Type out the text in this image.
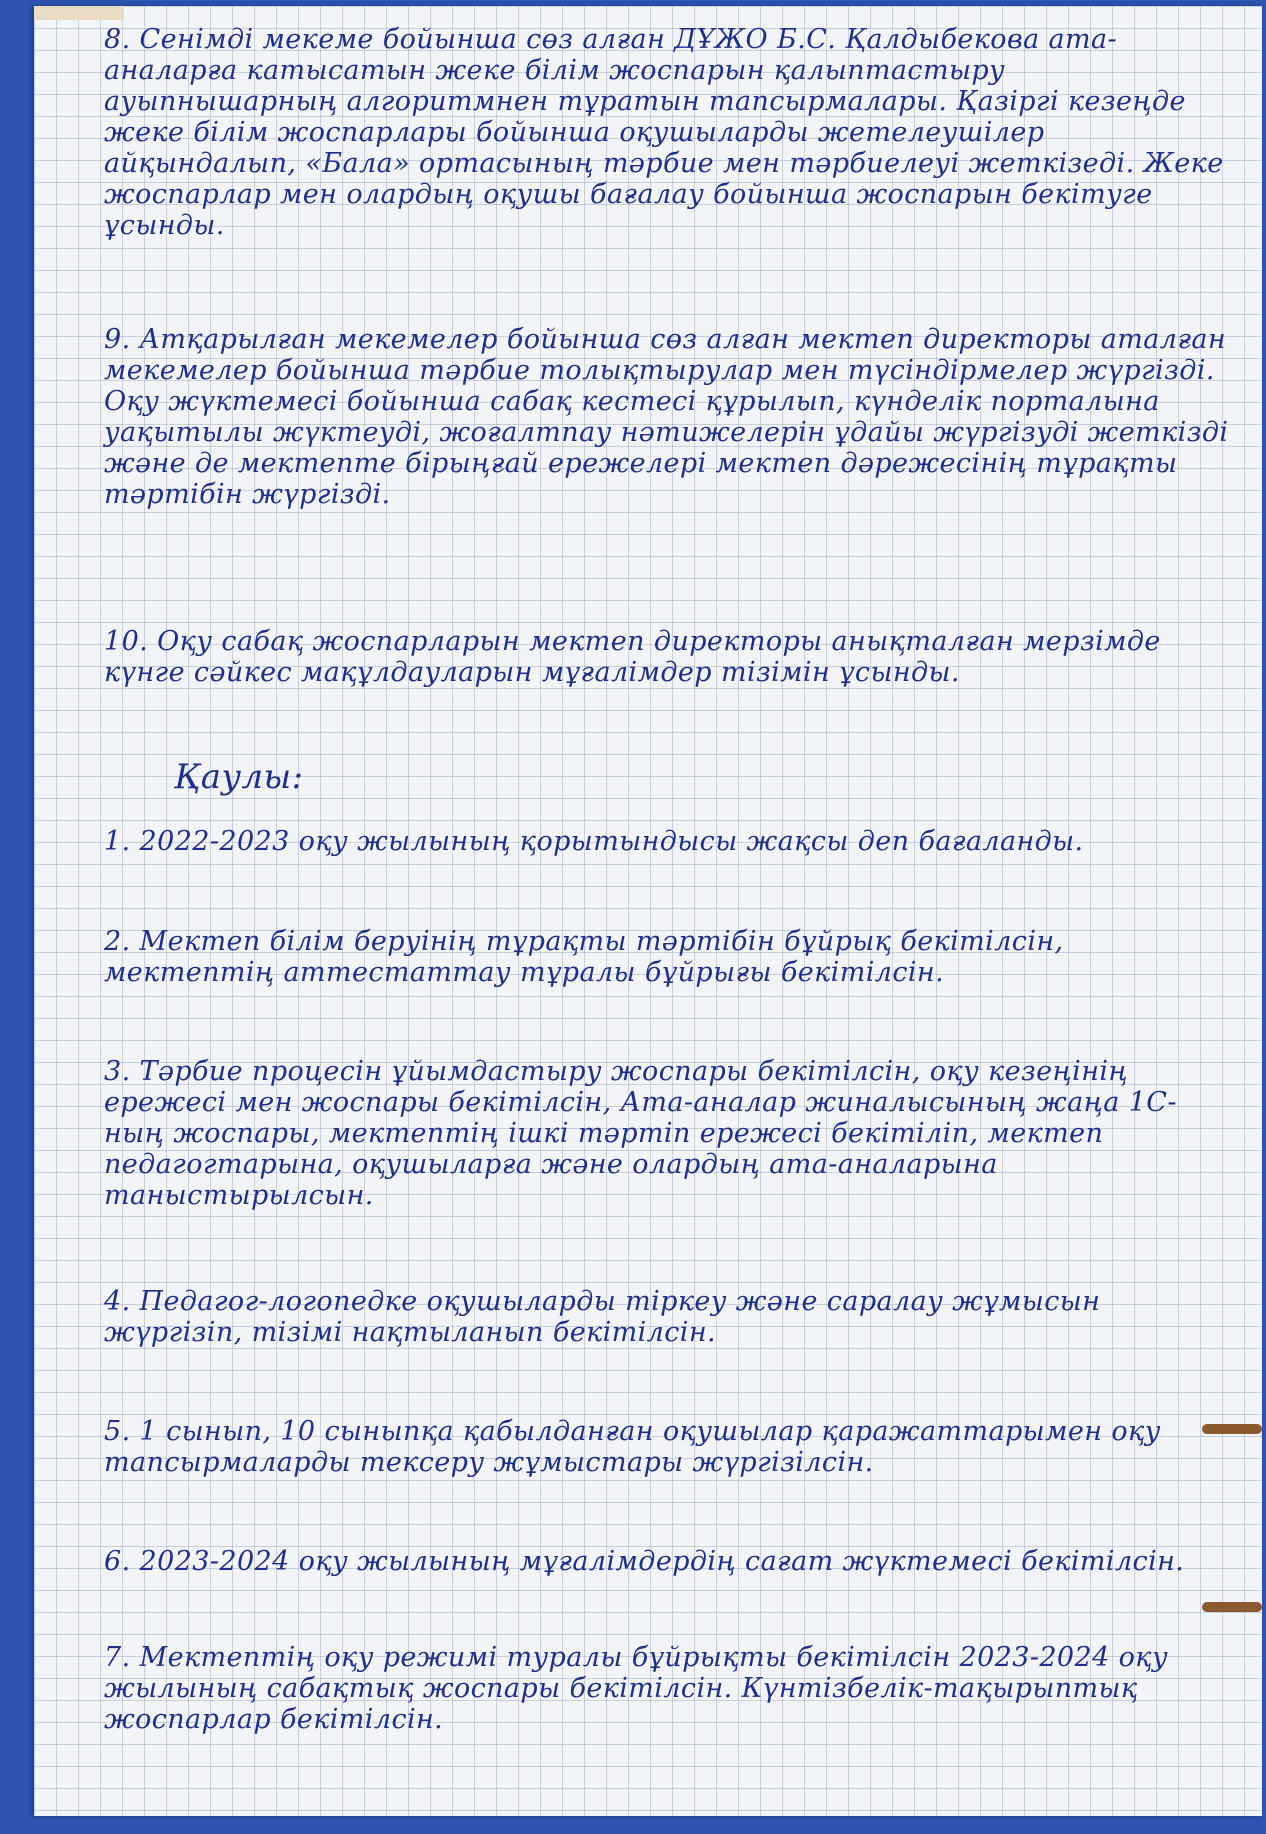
8. Сенімді мекеме бойынша сөз алған ДҰЖО Б.С. Қалдыбекова ата-аналарға катысатын жеке білім жоспарын қалыптастыру ауыпнышарның алгоритмнен тұратын тапсырмалары. Қазіргі кезеңде жеке білім жоспарлары бойынша оқушыларды жетелеушілер айқындалып, «Бала» ортасының тәрбие мен тәрбиелеуі жеткізеді. Жеке жоспарлар мен олардың оқушы бағалау бойынша жоспарын бекітуге ұсынды.
9. Атқарылған мекемелер бойынша сөз алған мектеп директоры аталған мекемелер бойынша тәрбие толықтырулар мен түсіндірмелер жүргізді. Оқу жүктемесі бойынша сабақ кестесі құрылып, күнделік порталына уақытылы жүктеуді, жоғалтпау нәтижелерін ұдайы жүргізуді жеткізді және де мектепте бірыңғай ережелері мектеп дәрежесінің тұрақты тәртібін жүргізді.
10. Оқу сабақ жоспарларын мектеп директоры анықталған мерзімде күнге сәйкес мақұлдауларын мұғалімдер тізімін ұсынды.
Қаулы:
1. 2022-2023 оқу жылының қорытындысы жақсы деп бағаланды.
2. Мектеп білім беруінің тұрақты тәртібін бұйрық бекітілсін, мектептің аттестаттау тұралы бұйрығы бекітілсін.
3. Тәрбие процесін ұйымдастыру жоспары бекітілсін, оқу кезеңінің ережесі мен жоспары бекітілсін, Ата-аналар жиналысының жаңа 1С-ның жоспары, мектептің ішкі тәртіп ережесі бекітіліп, мектеп педагогтарына, оқушыларға және олардың ата-аналарына таныстырылсын.
4. Педагог-логопедке оқушыларды тіркеу және саралау жұмысын жүргізіп, тізімі нақтыланып бекітілсін.
5. 1 сынып, 10 сыныпқа қабылданған оқушылар қаражаттарымен оқу тапсырмаларды тексеру жұмыстары жүргізілсін.
6. 2023-2024 оқу жылының мұғалімдердің сағат жүктемесі бекітілсін.
7. Мектептің оқу режимі туралы бұйрықты бекітілсін 2023-2024 оқу жылының сабақтық жоспары бекітілсін. Күнтізбелік-тақырыптық жоспарлар бекітілсін.
